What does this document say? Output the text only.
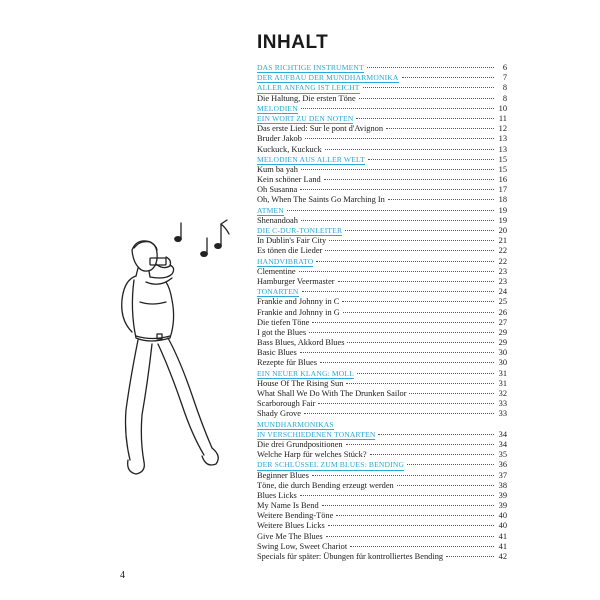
INHALT
DAS RICHTIGE INSTRUMENT	6
DER AUFBAU DER MUNDHARMONIKA	7
ALLER ANFANG IST LEICHT	8
Die Haltung, Die ersten Töne	8
MELODIEN	10
EIN WORT ZU DEN NOTEN	11
Das erste Lied: Sur le pont d'Avignon	12
Bruder Jakob	13
Kuckuck, Kuckuck	13
MELODIEN AUS ALLER WELT	15
Kum ba yah	15
Kein schöner Land	16
Oh Susanna	17
Oh, When The Saints Go Marching In	18
ATMEN	19
Shenandoah	19
DIE C-DUR-TONLEITER	20
In Dublin's Fair City	21
Es tönen die Lieder	22
HANDVIBRATO	22
Clementine	23
Hamburger Veermaster	23
TONARTEN	24
Frankie and Johnny in C	25
Frankie and Johnny in G	26
Die tiefen Töne	27
I got the Blues	29
Bass Blues, Akkord Blues	29
Basic Blues	30
Rezepte für Blues	30
EIN NEUER KLANG: MOLL	31
House Of The Rising Sun	31
What Shall We Do With The Drunken Sailor	32
Scarborough Fair	33
Shady Grove	33
MUNDHARMONIKAS
IN VERSCHIEDENEN TONARTEN	34
Die drei Grundpositionen	34
Welche Harp für welches Stück?	35
DER SCHLÜSSEL ZUM BLUES: BENDING	36
Beginner Blues	37
Töne, die durch Bending erzeugt werden	38
Blues Licks	39
My Name Is Bend	39
Weitere Bending-Töne	40
Weitere Blues Licks	40
Give Me The Blues	41
Swing Low, Sweet Chariot	41
Specials für später: Übungen für kontrolliertes Bending	42
4
